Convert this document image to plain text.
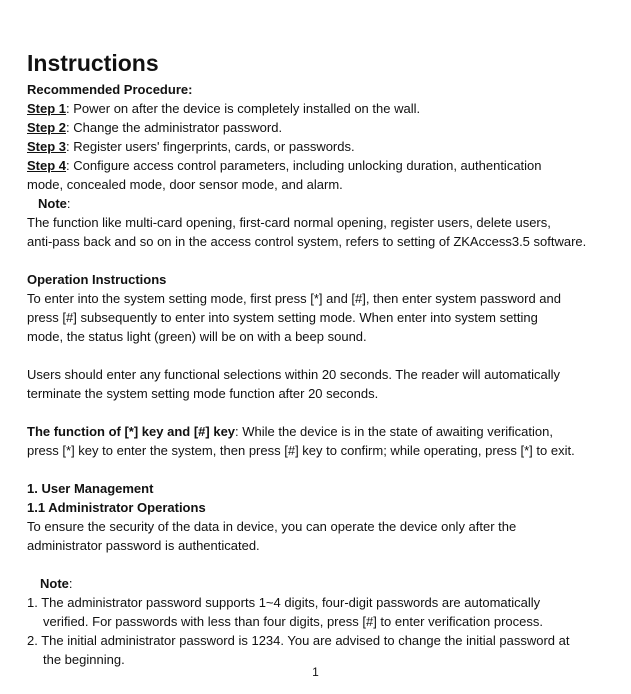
Instructions
Recommended Procedure:
Step 1: Power on after the device is completely installed on the wall.
Step 2: Change the administrator password.
Step 3: Register users' fingerprints, cards, or passwords.
Step 4: Configure access control parameters, including unlocking duration, authentication
mode, concealed mode, door sensor mode, and alarm.
Note:
The function like multi-card opening, first-card normal opening, register users, delete users,
anti-pass back and so on in the access control system, refers to setting of ZKAccess3.5 software.
Operation Instructions
To enter into the system setting mode, first press [*] and [#], then enter system password and
press [#] subsequently to enter into system setting mode. When enter into system setting
mode, the status light (green) will be on with a beep sound.
Users should enter any functional selections within 20 seconds. The reader will automatically
terminate the system setting mode function after 20 seconds.
The function of [*] key and [#] key: While the device is in the state of awaiting verification,
press [*] key to enter the system, then press [#] key to confirm; while operating, press [*] to exit.
1. User Management
1.1 Administrator Operations
To ensure the security of the data in device, you can operate the device only after the
administrator password is authenticated.
Note:
1. The administrator password supports 1~4 digits, four-digit passwords are automatically
verified. For passwords with less than four digits, press [#] to enter verification process.
2. The initial administrator password is 1234. You are advised to change the initial password at
the beginning.
1
